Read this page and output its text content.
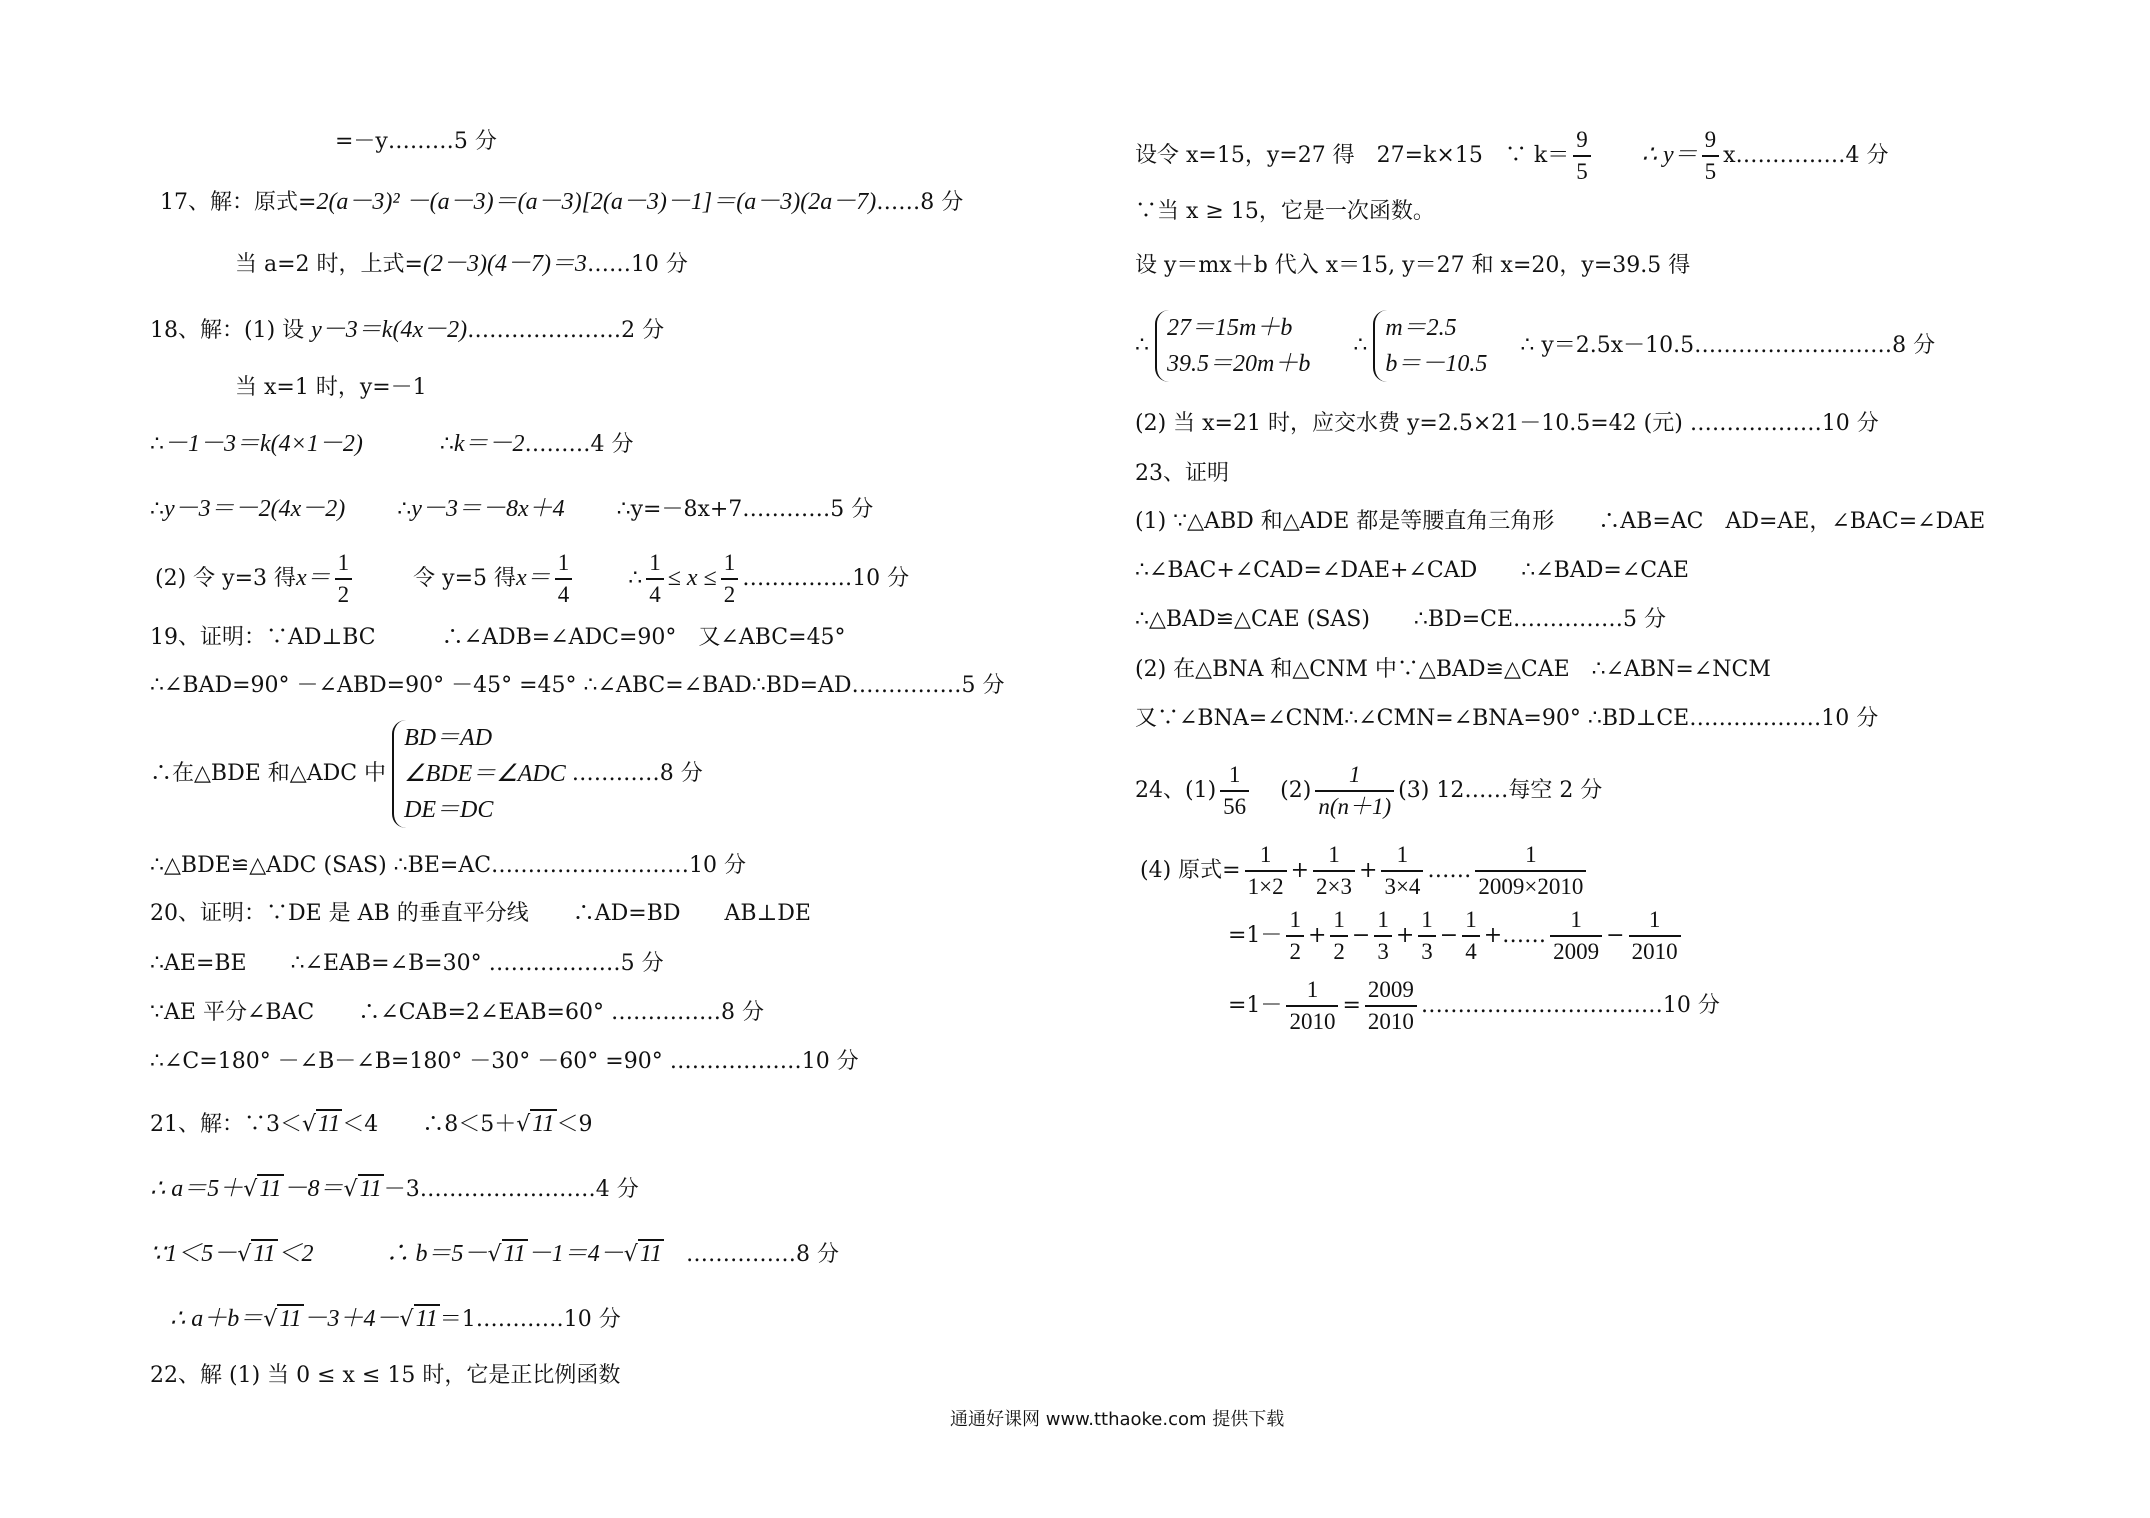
=－y………5 分
17、解：原式=2(a－3)² －(a－3)＝(a－3)[2(a－3)－1]＝(a－3)(2a－7)……8 分
当 a=2 时，上式=(2－3)(4－7)＝3……10 分
18、解：(1) 设 y－3＝k(4x－2)…………………2 分
当 x=1 时，y=－1
∴－1－3＝k(4×1－2)	∴k＝－2………4 分
∴y－3＝－2(4x－2) ∴y－3＝－8x＋4 ∴y=－8x+7…………5 分
(2) 令 y=3 得$x= \frac{1}{2}$	令 y=5 得$x= \frac{1}{4}$	∴ $\frac{1}{4} \le x \le \frac{1}{2}$ ……………10 分
19、证明：∵AD⊥BC　　　∴∠ADB=∠ADC=90°　又∠ABC=45°
∴∠BAD=90° －∠ABD=90° －45° =45° ∴∠ABC=∠BAD∴BD=AD……………5 分
∴在△BDE 和△ADC 中
BD＝AD
∠BDE＝∠ADC
DE＝DC
…………8 分
∴△BDE≌△ADC (SAS) ∴BE=AC………………………10 分
20、证明：∵DE 是 AB 的垂直平分线　　∴AD=BD　　AB⊥DE
∴AE=BE　　∴∠EAB=∠B=30° ………………5 分
∵AE 平分∠BAC　　∴∠CAB=2∠EAB=60° ……………8 分
∴∠C=180° －∠B－∠B=180° －30° －60° =90° ………………10 分
21、解：∵3＜√11＜4　　∴8＜5＋√11＜9
∴ a＝5＋√11－8＝√11－3……………………4 分
∵1＜5－√11＜2　　　∴ b＝5－√11－1＝4－√11　……………8 分
∴ a＋b＝√11－3＋4－√11＝1…………10 分
22、解 (1) 当 0 ≤ x ≤ 15 时，它是正比例函数
设令 x=15，y=27 得　27=k×15　∵ $k= \frac{9}{5}$ ∴ $y= \frac{9}{5}$ x……………4 分
∵当 x ≥ 15，它是一次函数。
设 y＝mx＋b 代入 x＝15, y＝27 和 x=20，y=39.5 得
∴
27＝15m＋b
39.5＝20m＋b
∴
m＝2.5
b＝－10.5
∴ y＝2.5x－10.5………………………8 分
(2) 当 x=21 时，应交水费 y=2.5×21－10.5=42 (元) ………………10 分
23、证明
(1) ∵△ABD 和△ADE 都是等腰直角三角形　　∴AB=AC　AD=AE，∠BAC=∠DAE
∴∠BAC+∠CAD=∠DAE+∠CAD　　∴∠BAD=∠CAE
∴△BAD≌△CAE (SAS)　　∴BD=CE……………5 分
(2) 在△BNA 和△CNM 中∵△BAD≌△CAE　∴∠ABN=∠NCM
又∵∠BNA=∠CNM∴∠CMN=∠BNA=90° ∴BD⊥CE………………10 分
24、$(1) \frac{1}{56} (2) \frac{1}{n(n+1)} (3)$ 12……每空 2 分
(4) 原式= $\frac{1}{1\times 2} + \frac{1}{2\times 3} + \frac{1}{3\times 4}$ …… $\frac{1}{2009\times 2010}$
$=1- \frac{1}{2} + \frac{1}{2} - \frac{1}{3} + \frac{1}{3} - \frac{1}{4}$ +…… $\frac{1}{2009} - \frac{1}{2010}$
$=1- \frac{1}{2010} = \frac{2009}{2010}$ ……………………………10 分
通通好课网 www.tthaoke.com 提供下载
